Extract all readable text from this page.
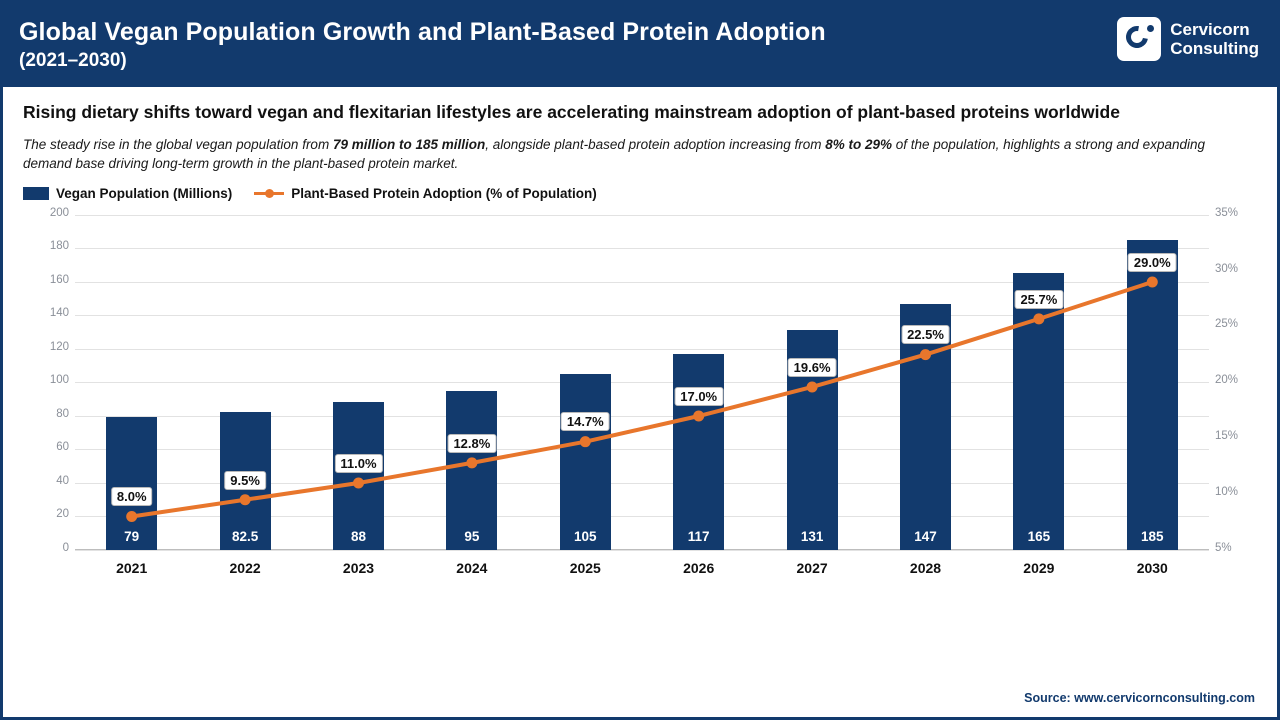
Global Vegan Population Growth and Plant-Based Protein Adoption
(2021–2030)
Cervicorn
Consulting
Rising dietary shifts toward vegan and flexitarian lifestyles are accelerating mainstream adoption of plant-based proteins worldwide
The steady rise in the global vegan population from 79 million to 185 million, alongside plant-based protein adoption increasing from 8% to 29% of the population, highlights a strong and expanding demand base driving long-term growth in the plant-based protein market.
Vegan Population (Millions)	Plant-Based Protein Adoption (% of Population)
0
20
40
60
80
100
120
140
160
180
200
5%
10%
15%
20%
25%
30%
35%
79
2021
82.5
2022
88
2023
95
2024
105
2025
117
2026
131
2027
147
2028
165
2029
185
2030
8.0%
9.5%
11.0%
12.8%
14.7%
17.0%
19.6%
22.5%
25.7%
29.0%
Source: www.cervicornconsulting.com
